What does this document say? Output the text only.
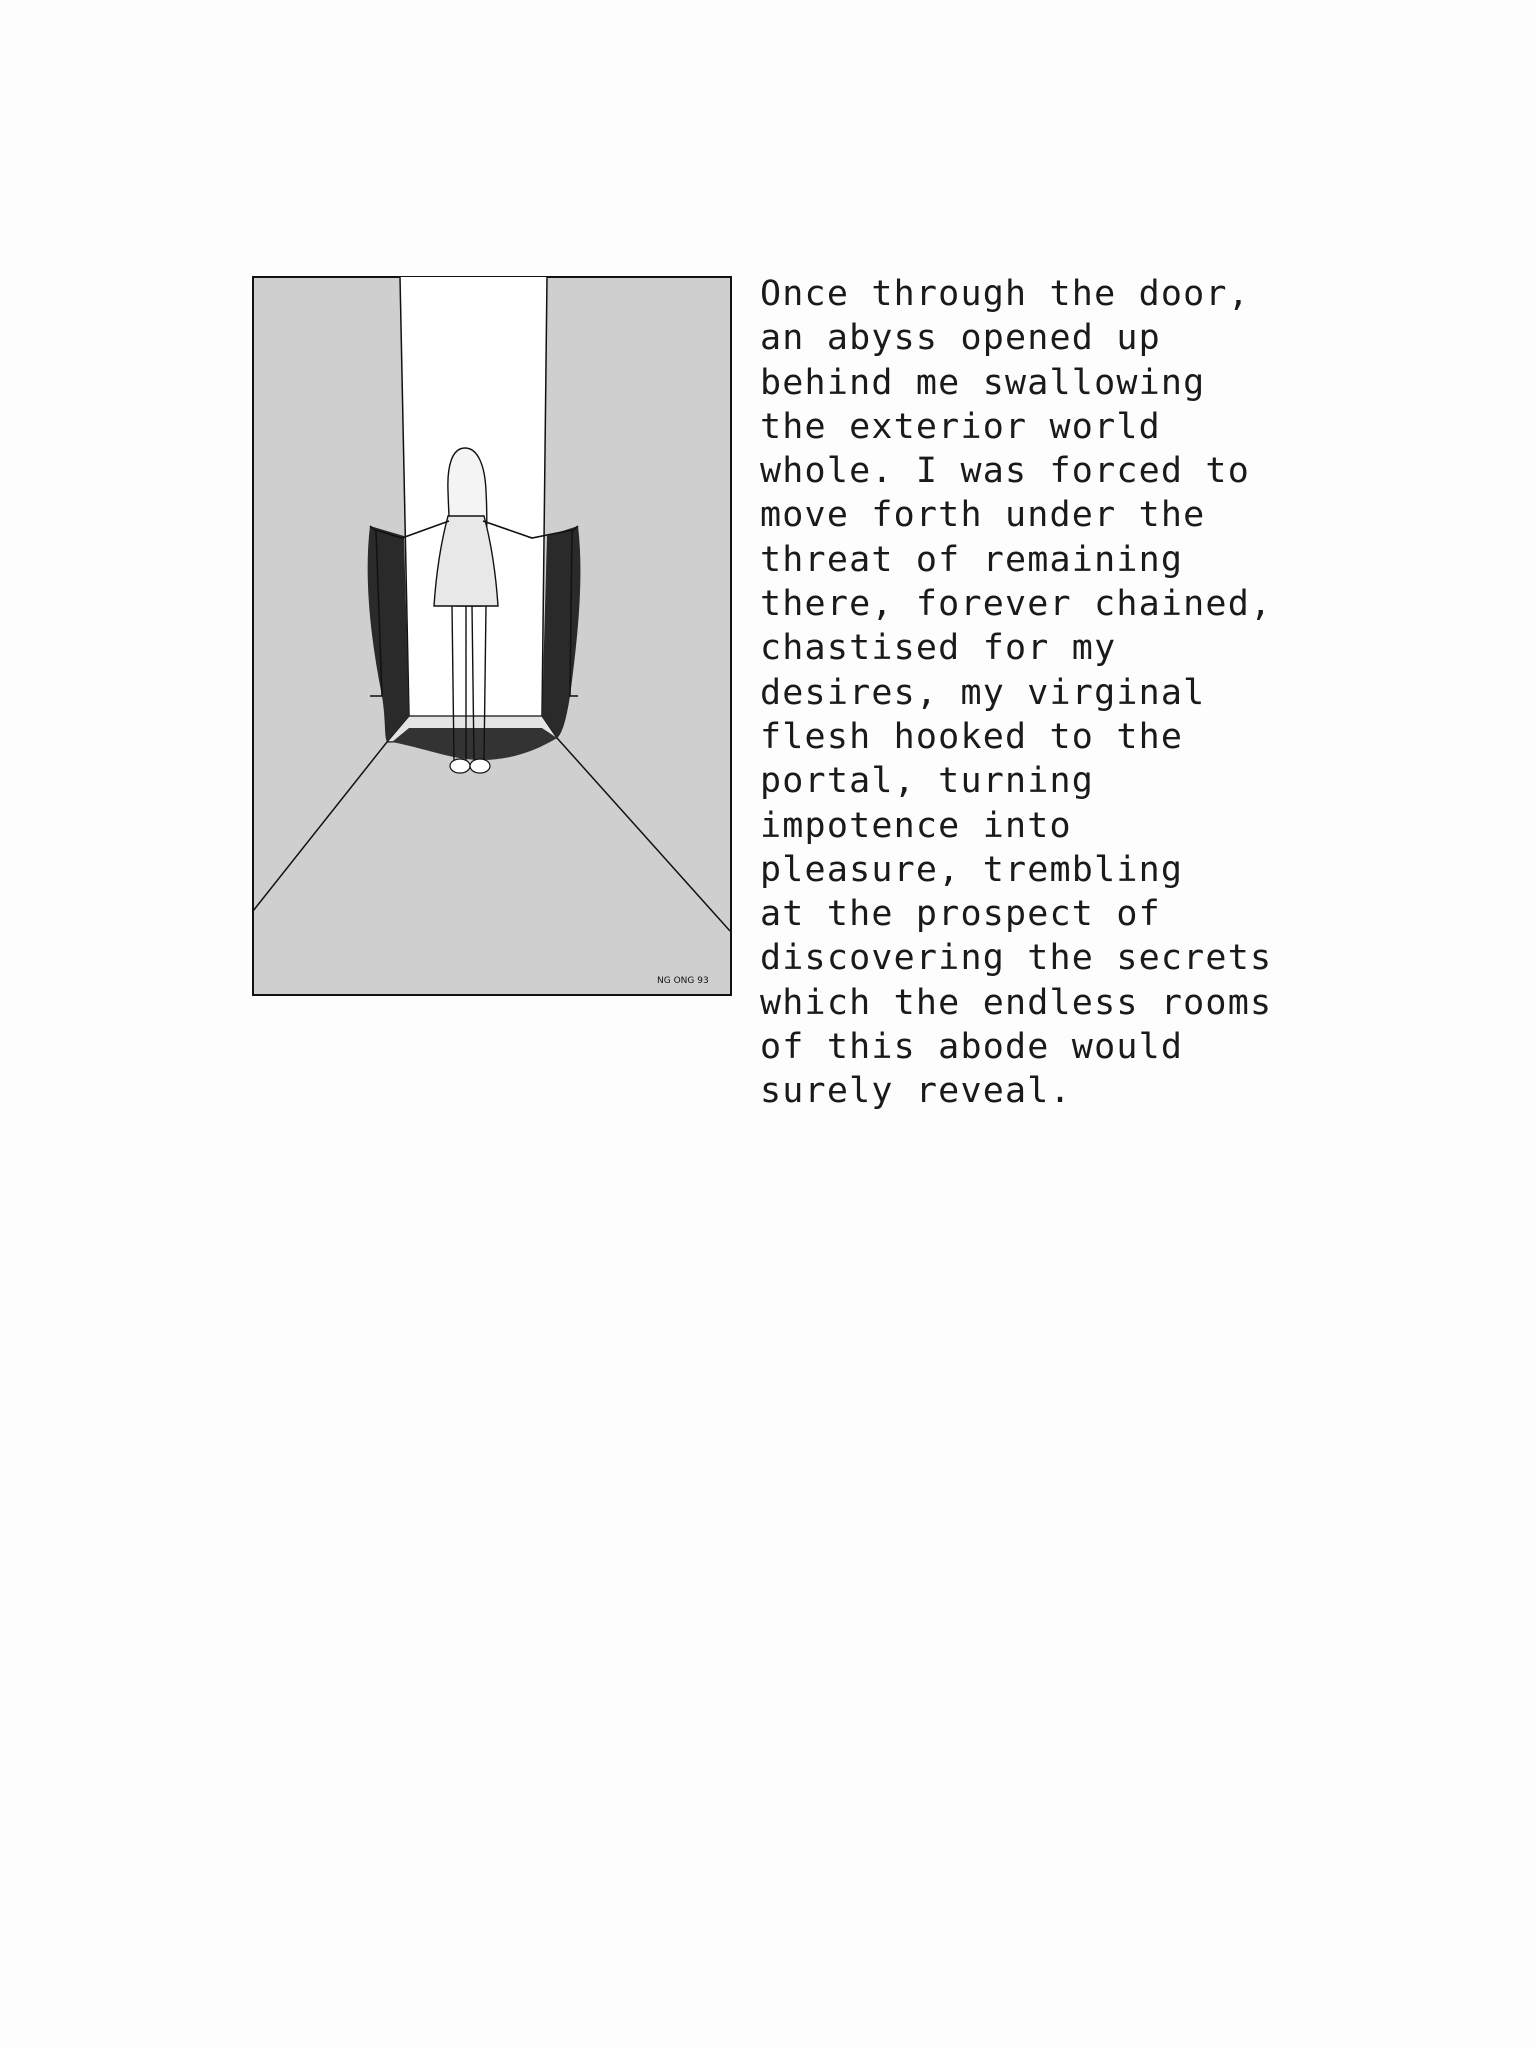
NG ONG 93
Once through the door,
an abyss opened up
behind me swallowing
the exterior world
whole. I was forced to
move forth under the
threat of remaining
there, forever chained,
chastised for my
desires, my virginal
flesh hooked to the
portal, turning
impotence into
pleasure, trembling
at the prospect of
discovering the secrets
which the endless rooms
of this abode would
surely reveal.
